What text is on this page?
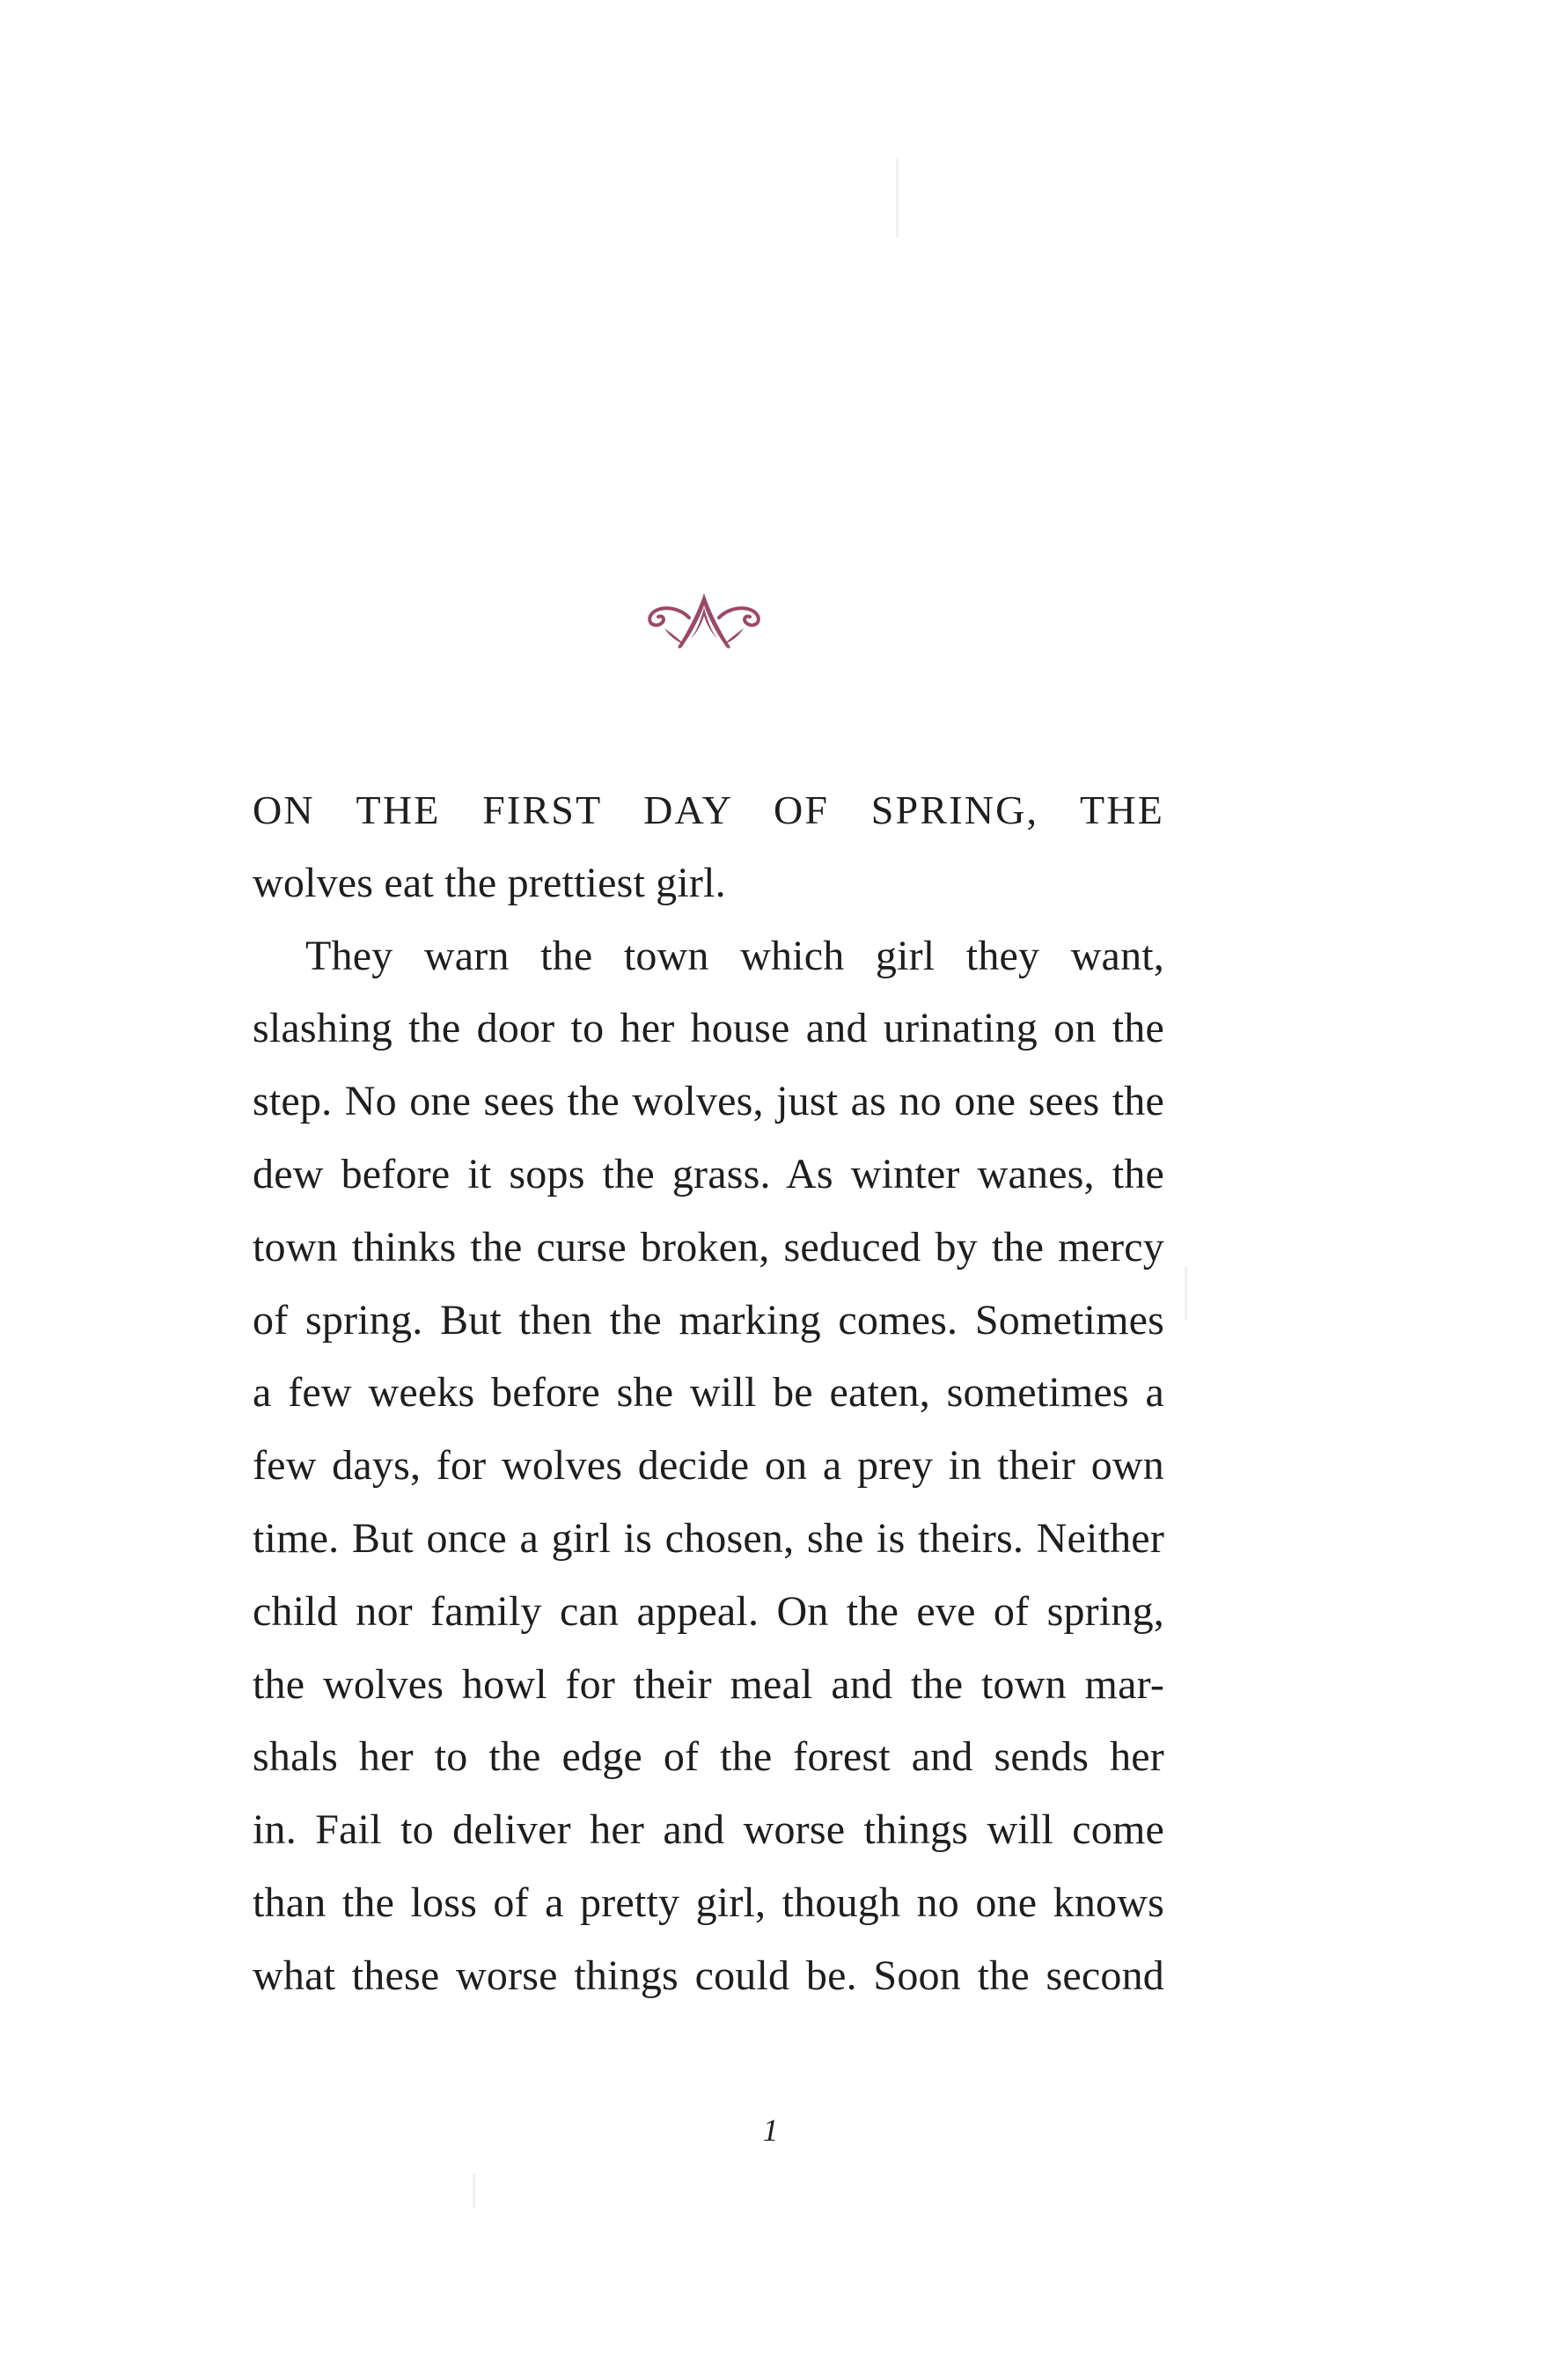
ON THE FIRST DAY OF SPRING, THE
wolves eat the prettiest girl.
They warn the town which girl they want,
slashing the door to her house and urinating on the
step. No one sees the wolves, just as no one sees the
dew before it sops the grass. As winter wanes, the
town thinks the curse broken, seduced by the mercy
of spring. But then the marking comes. Sometimes
a few weeks before she will be eaten, sometimes a
few days, for wolves decide on a prey in their own
time. But once a girl is chosen, she is theirs. Neither
child nor family can appeal. On the eve of spring,
the wolves howl for their meal and the town mar-
shals her to the edge of the forest and sends her
in. Fail to deliver her and worse things will come
than the loss of a pretty girl, though no one knows
what these worse things could be. Soon the second
1
